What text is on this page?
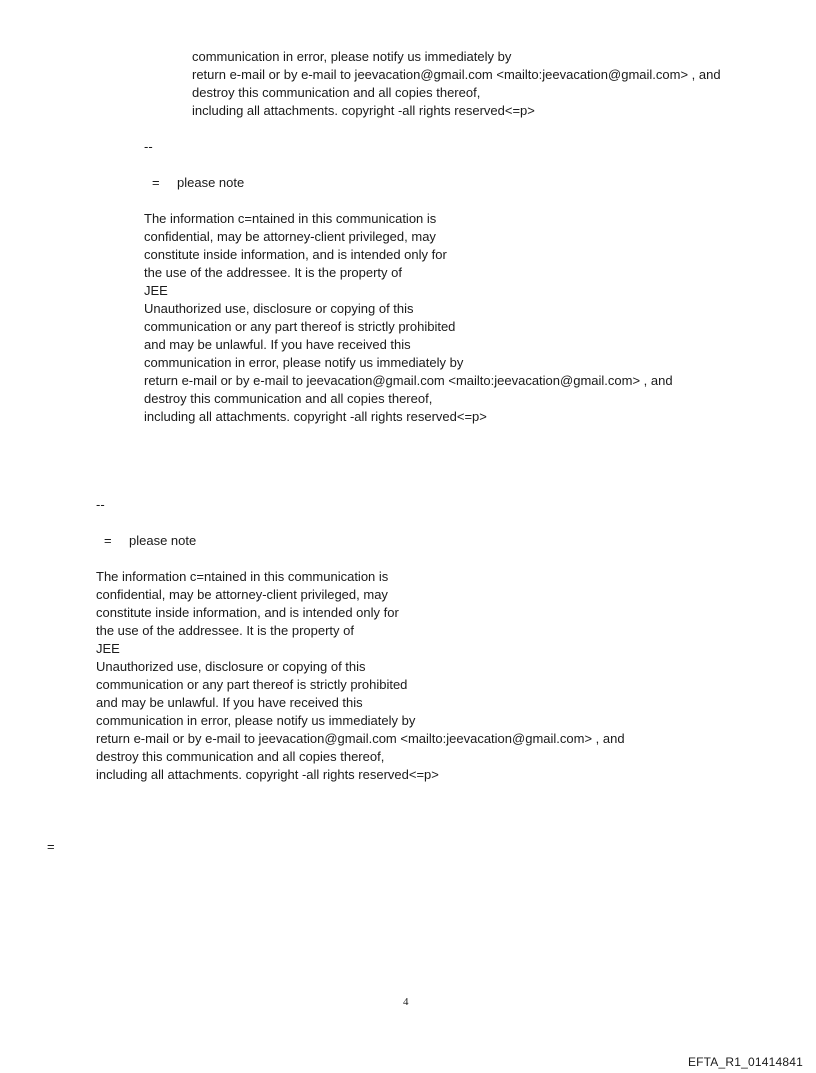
communication in error, please notify us immediately by
return e-mail or by e-mail to jeevacation@gmail.com <mailto:jeevacation@gmail.com> , and
destroy this communication and all copies thereof,
including all attachments. copyright -all rights reserved<=p>
--
= please note
The information c=ntained in this communication is
confidential, may be attorney-client privileged, may
constitute inside information, and is intended only for
the use of the addressee. It is the property of
JEE
Unauthorized use, disclosure or copying of this
communication or any part thereof is strictly prohibited
and may be unlawful. If you have received this
communication in error, please notify us immediately by
return e-mail or by e-mail to jeevacation@gmail.com <mailto:jeevacation@gmail.com> , and
destroy this communication and all copies thereof,
including all attachments. copyright -all rights reserved<=p>
--
= please note
The information c=ntained in this communication is
confidential, may be attorney-client privileged, may
constitute inside information, and is intended only for
the use of the addressee. It is the property of
JEE
Unauthorized use, disclosure or copying of this
communication or any part thereof is strictly prohibited
and may be unlawful. If you have received this
communication in error, please notify us immediately by
return e-mail or by e-mail to jeevacation@gmail.com <mailto:jeevacation@gmail.com> , and
destroy this communication and all copies thereof,
including all attachments. copyright -all rights reserved<=p>
=
4
EFTA_R1_01414841
